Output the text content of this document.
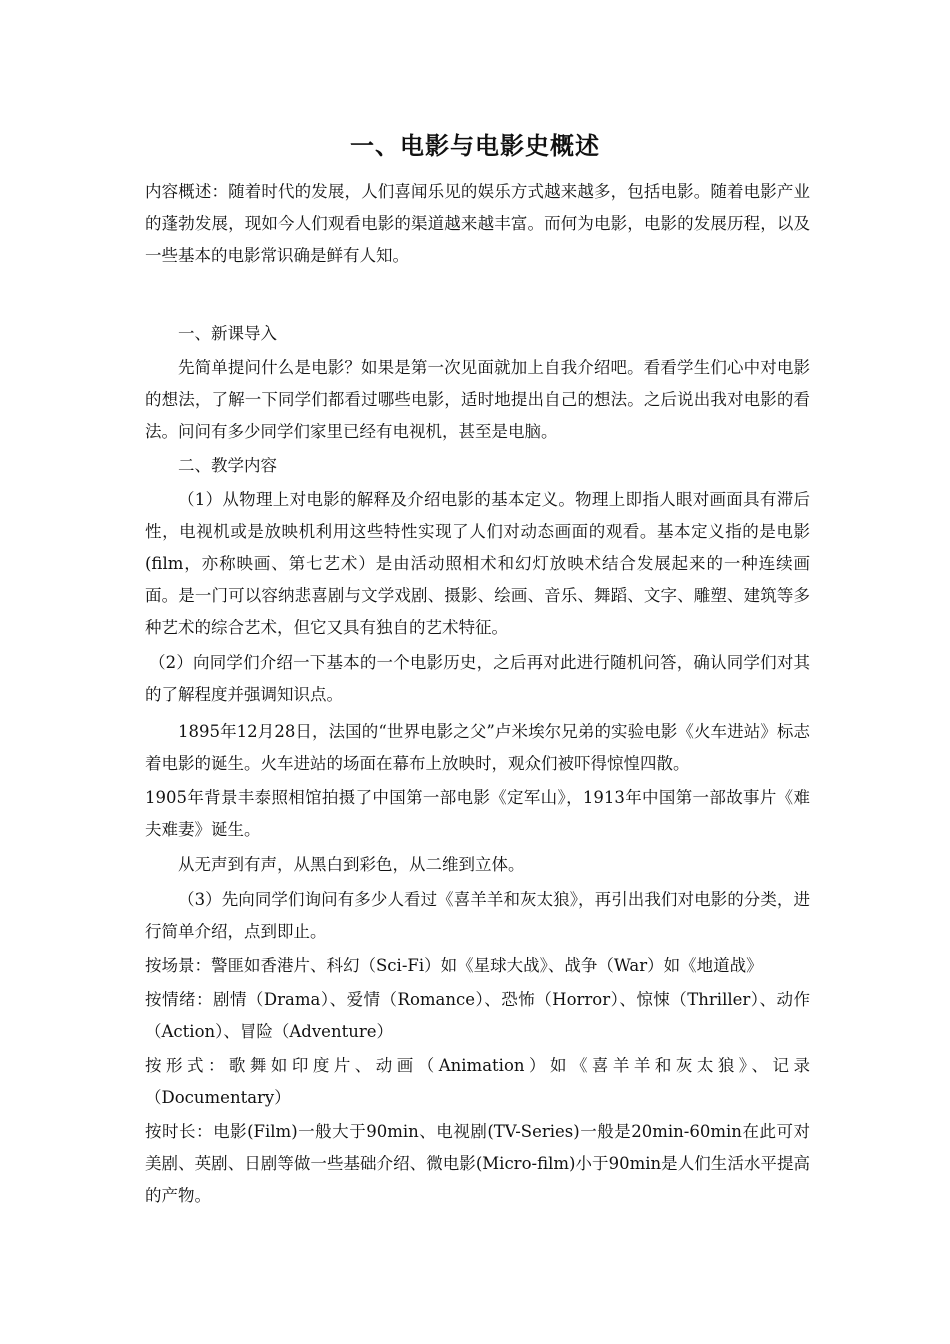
一、电影与电影史概述

内容概述：随着时代的发展，人们喜闻乐见的娱乐方式越来越多，包括电影。随着电影产业的蓬勃发展，现如今人们观看电影的渠道越来越丰富。而何为电影，电影的发展历程，以及一些基本的电影常识确是鲜有人知。

一、新课导入

先简单提问什么是电影？如果是第一次见面就加上自我介绍吧。看看学生们心中对电影的想法，了解一下同学们都看过哪些电影，适时地提出自己的想法。之后说出我对电影的看法。问问有多少同学们家里已经有电视机，甚至是电脑。

二、教学内容

（1）从物理上对电影的解释及介绍电影的基本定义。物理上即指人眼对画面具有滞后性，电视机或是放映机利用这些特性实现了人们对动态画面的观看。基本定义指的是电影(film，亦称映画、第七艺术）是由活动照相术和幻灯放映术结合发展起来的一种连续画面。是一门可以容纳悲喜剧与文学戏剧、摄影、绘画、音乐、舞蹈、文字、雕塑、建筑等多种艺术的综合艺术，但它又具有独自的艺术特征。

（2）向同学们介绍一下基本的一个电影历史，之后再对此进行随机问答，确认同学们对其的了解程度并强调知识点。

1895年12月28日，法国的“世界电影之父”卢米埃尔兄弟的实验电影《火车进站》标志着电影的诞生。火车进站的场面在幕布上放映时，观众们被吓得惊惶四散。

1905年背景丰泰照相馆拍摄了中国第一部电影《定军山》，1913年中国第一部故事片《难夫难妻》诞生。

从无声到有声，从黑白到彩色，从二维到立体。

（3）先向同学们询问有多少人看过《喜羊羊和灰太狼》，再引出我们对电影的分类，进行简单介绍，点到即止。

按场景：警匪如香港片、科幻（Sci-Fi）如《星球大战》、战争（War）如《地道战》

按情绪：剧情（Drama）、爱情（Romance）、恐怖（Horror）、惊悚（Thriller）、动作（Action）、冒险（Adventure）

按形式：歌舞如印度片、动画（Animation）如《喜羊羊和灰太狼》、记录（Documentary）

按时长：电影(Film)一般大于90min、电视剧(TV-Series)一般是20min-60min在此可对美剧、英剧、日剧等做一些基础介绍、微电影(Micro-film)小于90min是人们生活水平提高的产物。
